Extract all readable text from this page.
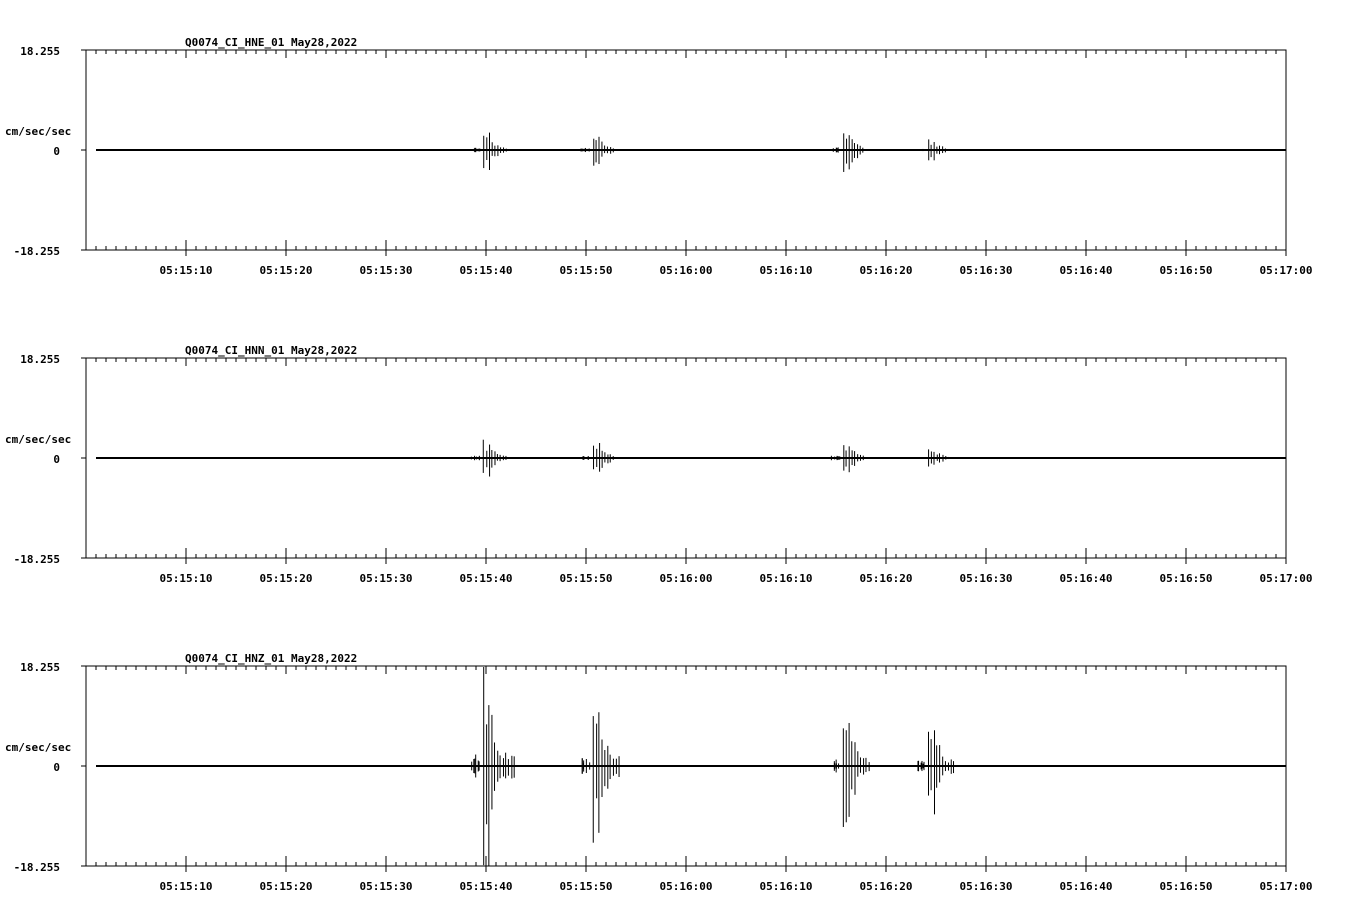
Q0074_CI_HNE_01 May28,2022
18.255
0
-18.255
cm/sec/sec
05:15:10	05:15:20	05:15:30	05:15:40	05:15:50	05:16:00	05:16:10	05:16:20	05:16:30	05:16:40	05:16:50	05:17:00
Q0074_CI_HNN_01 May28,2022
18.255
0
-18.255
cm/sec/sec
05:15:10	05:15:20	05:15:30	05:15:40	05:15:50	05:16:00	05:16:10	05:16:20	05:16:30	05:16:40	05:16:50	05:17:00
Q0074_CI_HNZ_01 May28,2022
18.255
0
-18.255
cm/sec/sec
05:15:10	05:15:20	05:15:30	05:15:40	05:15:50	05:16:00	05:16:10	05:16:20	05:16:30	05:16:40	05:16:50	05:17:00
